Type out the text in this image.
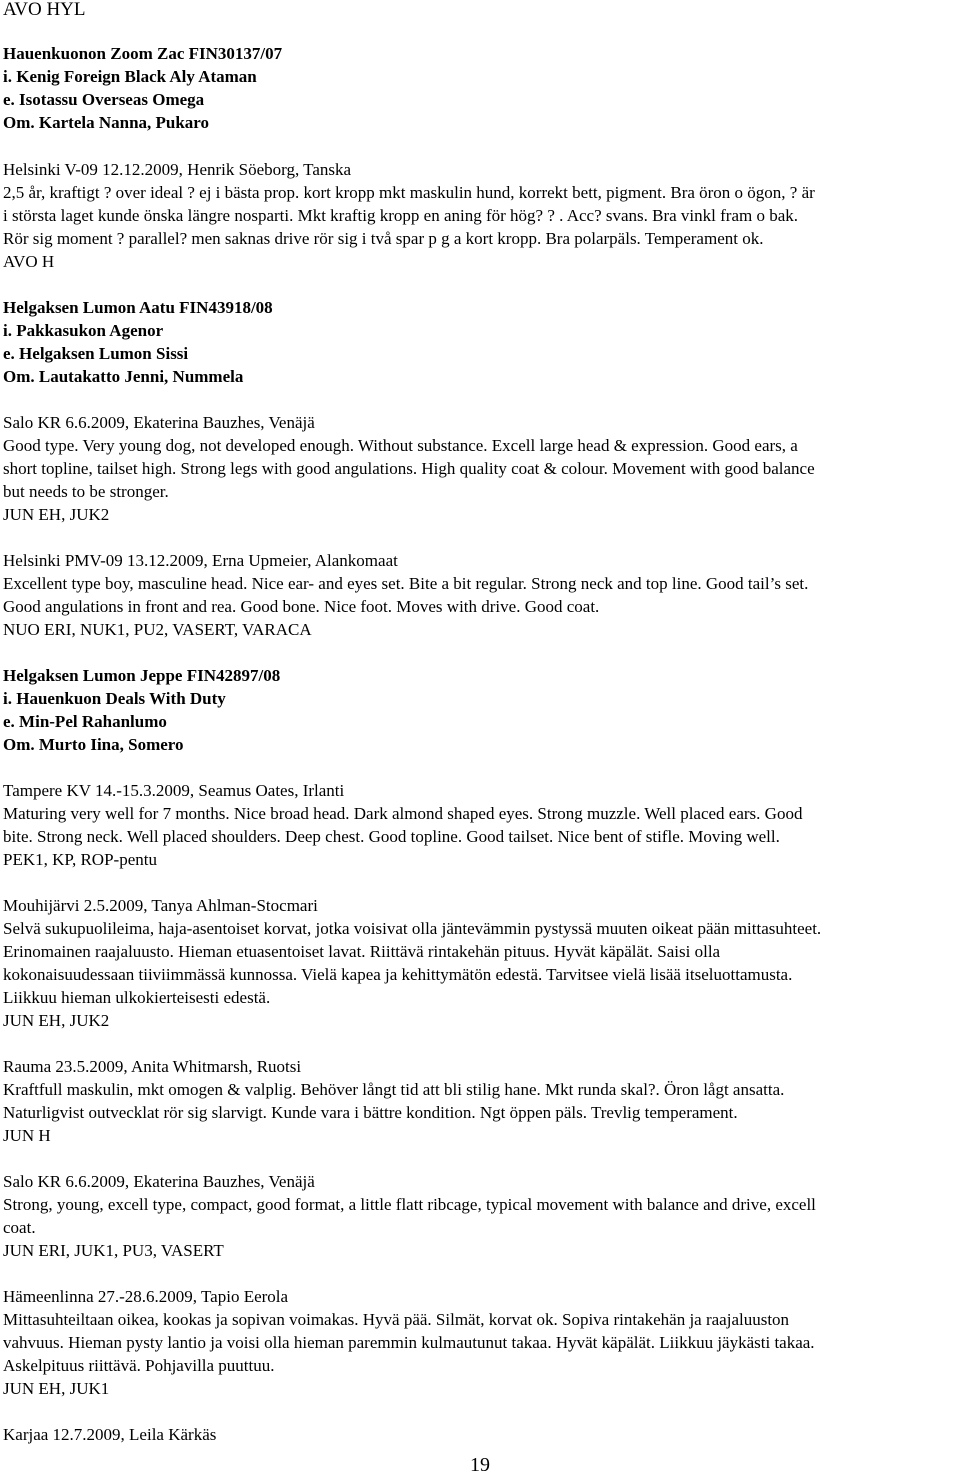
AVO HYL
Hauenkuonon Zoom Zac FIN30137/07
i. Kenig Foreign Black Aly Ataman
e. Isotassu Overseas Omega
Om. Kartela Nanna, Pukaro
Helsinki V-09 12.12.2009, Henrik Söeborg, Tanska
2,5 år, kraftigt ? over ideal ? ej i bästa prop. kort kropp mkt maskulin hund, korrekt bett, pigment. Bra öron o ögon, ? är
i största laget kunde önska längre nosparti. Mkt kraftig kropp en aning för hög? ? . Acc? svans. Bra vinkl fram o bak.
Rör sig moment ? parallel? men saknas drive rör sig i två spar p g a kort kropp. Bra polarpäls. Temperament ok.
AVO H
Helgaksen Lumon Aatu FIN43918/08
i. Pakkasukon Agenor
e. Helgaksen Lumon Sissi
Om. Lautakatto Jenni, Nummela
Salo KR 6.6.2009, Ekaterina Bauzhes, Venäjä
Good type. Very young dog, not developed enough. Without substance. Excell large head & expression. Good ears, a
short topline, tailset high. Strong legs with good angulations. High quality coat & colour. Movement with good balance
but needs to be stronger.
JUN EH, JUK2
Helsinki PMV-09 13.12.2009, Erna Upmeier, Alankomaat
Excellent type boy, masculine head. Nice ear- and eyes set. Bite a bit regular. Strong neck and top line. Good tail’s set.
Good angulations in front and rea. Good bone. Nice foot. Moves with drive. Good coat.
NUO ERI, NUK1, PU2, VASERT, VARACA
Helgaksen Lumon Jeppe FIN42897/08
i. Hauenkuon Deals With Duty
e. Min-Pel Rahanlumo
Om. Murto Iina, Somero
Tampere KV 14.-15.3.2009, Seamus Oates, Irlanti
Maturing very well for 7 months. Nice broad head. Dark almond shaped eyes. Strong muzzle. Well placed ears. Good
bite. Strong neck. Well placed shoulders. Deep chest. Good topline. Good tailset. Nice bent of stifle. Moving well.
PEK1, KP, ROP-pentu
Mouhijärvi 2.5.2009, Tanya Ahlman-Stocmari
Selvä sukupuolileima, haja-asentoiset korvat, jotka voisivat olla jäntevämmin pystyssä muuten oikeat pään mittasuhteet.
Erinomainen raajaluusto. Hieman etuasentoiset lavat. Riittävä rintakehän pituus. Hyvät käpälät. Saisi olla
kokonaisuudessaan tiiviimmässä kunnossa. Vielä kapea ja kehittymätön edestä. Tarvitsee vielä lisää itseluottamusta.
Liikkuu hieman ulkokierteisesti edestä.
JUN EH, JUK2
Rauma 23.5.2009, Anita Whitmarsh, Ruotsi
Kraftfull maskulin, mkt omogen & valplig. Behöver långt tid att bli stilig hane. Mkt runda skal?. Öron lågt ansatta.
Naturligvist outvecklat rör sig slarvigt. Kunde vara i bättre kondition. Ngt öppen päls. Trevlig temperament.
JUN H
Salo KR 6.6.2009, Ekaterina Bauzhes, Venäjä
Strong, young, excell type, compact, good format, a little flatt ribcage, typical movement with balance and drive, excell
coat.
JUN ERI, JUK1, PU3, VASERT
Hämeenlinna 27.-28.6.2009, Tapio Eerola
Mittasuhteiltaan oikea, kookas ja sopivan voimakas. Hyvä pää. Silmät, korvat ok. Sopiva rintakehän ja raajaluuston
vahvuus. Hieman pysty lantio ja voisi olla hieman paremmin kulmautunut takaa. Hyvät käpälät. Liikkuu jäykästi takaa.
Askelpituus riittävä. Pohjavilla puuttuu.
JUN EH, JUK1
Karjaa 12.7.2009, Leila Kärkäs
19
